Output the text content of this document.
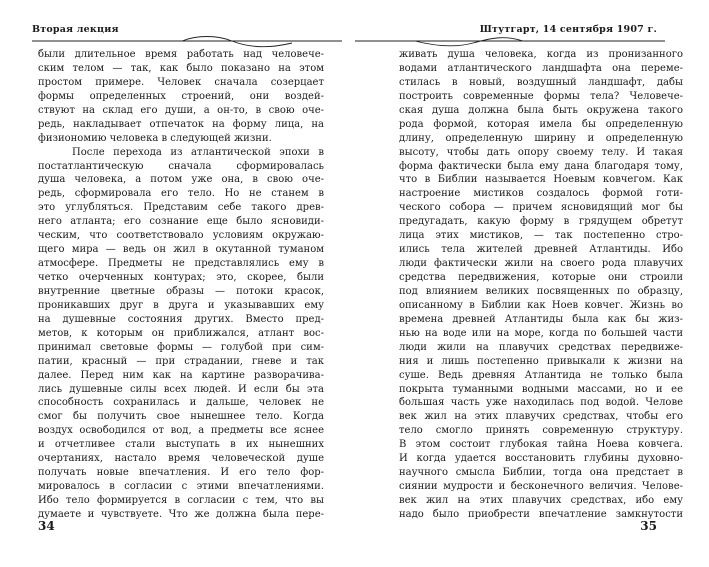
Вторая лекция
были длительное время работать над человече-
ским телом — так, как было показано на этом
простом примере. Человек сначала созерцает
формы определенных строений, они воздей-
ствуют на склад его души, а он-то, в свою оче-
редь, накладывает отпечаток на форму лица, на
физиономию человека в следующей жизни.
После перехода из атлантической эпохи в
постатлантическую сначала сформировалась
душа человека, а потом уже она, в свою оче-
редь, сформировала его тело. Но не станем в
это углубляться. Представим себе такого древ-
него атланта; его сознание еще было ясновиди-
ческим, что соответствовало условиям окружаю-
щего мира — ведь он жил в окутанной туманом
атмосфере. Предметы не представлялись ему в
четко очерченных контурах; это, скорее, были
внутренние цветные образы — потоки красок,
проникавших друг в друга и указывавших ему
на душевные состояния других. Вместо пред-
метов, к которым он приближался, атлант вос-
принимал световые формы — голубой при сим-
патии, красный — при страдании, гневе и так
далее. Перед ним как на картине разворачива-
лись душевные силы всех людей. И если бы эта
способность сохранилась и дальше, человек не
смог бы получить свое нынешнее тело. Когда
воздух освободился от вод, а предметы все яснее
и отчетливее стали выступать в их нынешних
очертаниях, настало время человеческой душе
получать новые впечатления. И его тело фор-
мировалось в согласии с этими впечатлениями.
Ибо тело формируется в согласии с тем, что вы
думаете и чувствуете. Что же должна была пере-
34
Штутгарт, 14 сентября 1907 г.
живать душа человека, когда из пронизанного
водами атлантического ландшафта она переме-
стилась в новый, воздушный ландшафт, дабы
построить современные формы тела? Человече-
ская душа должна была быть окружена такого
рода формой, которая имела бы определенную
длину, определенную ширину и определенную
высоту, чтобы дать опору своему телу. И такая
форма фактически была ему дана благодаря тому,
что в Библии называется Ноевым ковчегом. Как
настроение мистиков создалось формой готи-
ческого собора — причем ясновидящий мог бы
предугадать, какую форму в грядущем обретут
лица этих мистиков, — так постепенно стро-
ились тела жителей древней Атлантиды. Ибо
люди фактически жили на своего рода плавучих
средства передвижения, которые они строили
под влиянием великих посвященных по образцу,
описанному в Библии как Ноев ковчег. Жизнь во
времена древней Атлантиды была как бы жиз-
нью на воде или на море, когда по большей части
люди жили на плавучих средствах передвиже-
ния и лишь постепенно привыкали к жизни на
суше. Ведь древняя Атлантида не только была
покрыта туманными водными массами, но и ее
большая часть уже находилась под водой. Челове
век жил на этих плавучих средствах, чтобы его
тело смогло принять современную структуру.
В этом состоит глубокая тайна Ноева ковчега.
И когда удается восстановить глубины духовно-
научного смысла Библии, тогда она предстает в
сиянии мудрости и бесконечного величия. Челове-
век жил на этих плавучих средствах, ибо ему
надо было приобрести впечатление замкнутости
35
